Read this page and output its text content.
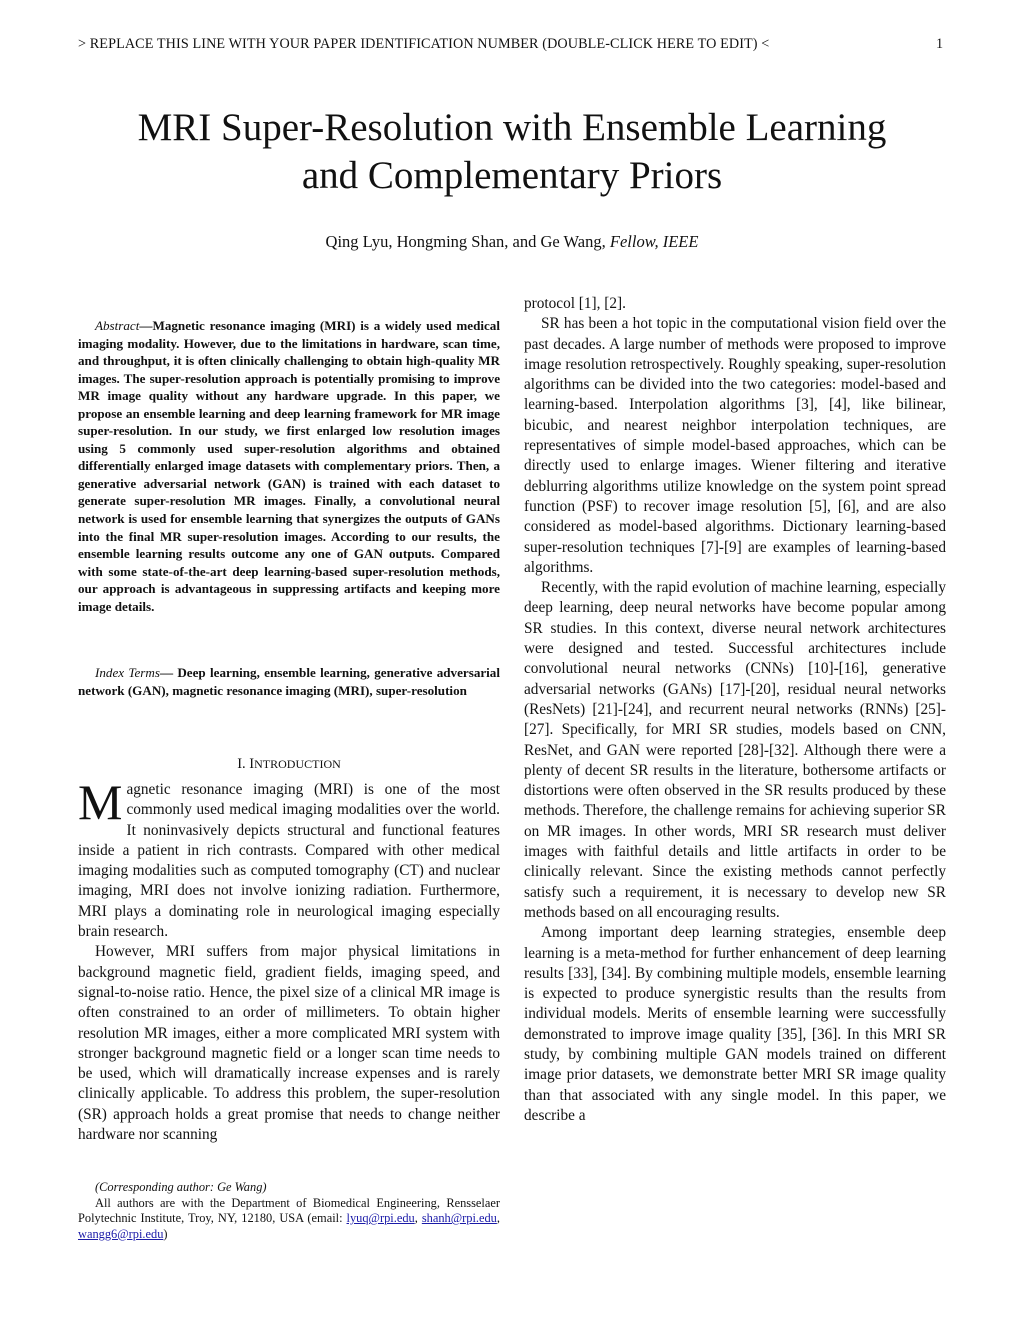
> REPLACE THIS LINE WITH YOUR PAPER IDENTIFICATION NUMBER (DOUBLE-CLICK HERE TO EDIT) <	1
MRI Super-Resolution with Ensemble Learning
and Complementary Priors
Qing Lyu, Hongming Shan, and Ge Wang, Fellow, IEEE
Abstract—Magnetic resonance imaging (MRI) is a widely used medical imaging modality. However, due to the limitations in hardware, scan time, and throughput, it is often clinically challenging to obtain high-quality MR images. The super-resolution approach is potentially promising to improve MR image quality without any hardware upgrade. In this paper, we propose an ensemble learning and deep learning framework for MR image super-resolution. In our study, we first enlarged low resolution images using 5 commonly used super-resolution algorithms and obtained differentially enlarged image datasets with complementary priors. Then, a generative adversarial network (GAN) is trained with each dataset to generate super-resolution MR images. Finally, a convolutional neural network is used for ensemble learning that synergizes the outputs of GANs into the final MR super-resolution images. According to our results, the ensemble learning results outcome any one of GAN outputs. Compared with some state-of-the-art deep learning-based super-resolution methods, our approach is advantageous in suppressing artifacts and keeping more image details.
Index Terms— Deep learning, ensemble learning, generative adversarial network (GAN), magnetic resonance imaging (MRI), super-resolution
I. INTRODUCTION

Magnetic resonance imaging (MRI) is one of the most commonly used medical imaging modalities over the world. It noninvasively depicts structural and functional features inside a patient in rich contrasts. Compared with other medical imaging modalities such as computed tomography (CT) and nuclear imaging, MRI does not involve ionizing radiation. Furthermore, MRI plays a dominating role in neurological imaging especially brain research.

However, MRI suffers from major physical limitations in background magnetic field, gradient fields, imaging speed, and signal-to-noise ratio. Hence, the pixel size of a clinical MR image is often constrained to an order of millimeters. To obtain higher resolution MR images, either a more complicated MRI system with stronger background magnetic field or a longer scan time needs to be used, which will dramatically increase expenses and is rarely clinically applicable. To address this problem, the super-resolution (SR) approach holds a great promise that needs to change neither hardware nor scanning

protocol [1], [2].

SR has been a hot topic in the computational vision field over the past decades. A large number of methods were proposed to improve image resolution retrospectively. Roughly speaking, super-resolution algorithms can be divided into the two categories: model-based and learning-based. Interpolation algorithms [3], [4], like bilinear, bicubic, and nearest neighbor interpolation techniques, are representatives of simple model-based approaches, which can be directly used to enlarge images. Wiener filtering and iterative deblurring algorithms utilize knowledge on the system point spread function (PSF) to recover image resolution [5], [6], and are also considered as model-based algorithms. Dictionary learning-based super-resolution techniques [7]-[9] are examples of learning-based algorithms.

Recently, with the rapid evolution of machine learning, especially deep learning, deep neural networks have become popular among SR studies. In this context, diverse neural network architectures were designed and tested. Successful architectures include convolutional neural networks (CNNs) [10]-[16], generative adversarial networks (GANs) [17]-[20], residual neural networks (ResNets) [21]-[24], and recurrent neural networks (RNNs) [25]-[27]. Specifically, for MRI SR studies, models based on CNN, ResNet, and GAN were reported [28]-[32]. Although there were a plenty of decent SR results in the literature, bothersome artifacts or distortions were often observed in the SR results produced by these methods. Therefore, the challenge remains for achieving superior SR on MR images. In other words, MRI SR research must deliver images with faithful details and little artifacts in order to be clinically relevant. Since the existing methods cannot perfectly satisfy such a requirement, it is necessary to develop new SR methods based on all encouraging results.

Among important deep learning strategies, ensemble deep learning is a meta-method for further enhancement of deep learning results [33], [34]. By combining multiple models, ensemble learning is expected to produce synergistic results than the results from individual models. Merits of ensemble learning were successfully demonstrated to improve image quality [35], [36]. In this MRI SR study, by combining multiple GAN models trained on different image prior datasets, we demonstrate better MRI SR image quality than that associated with any single model. In this paper, we describe a

(Corresponding author: Ge Wang)

All authors are with the Department of Biomedical Engineering, Rensselaer Polytechnic Institute, Troy, NY, 12180, USA (email: lyuq@rpi.edu, shanh@rpi.edu, wangg6@rpi.edu)
